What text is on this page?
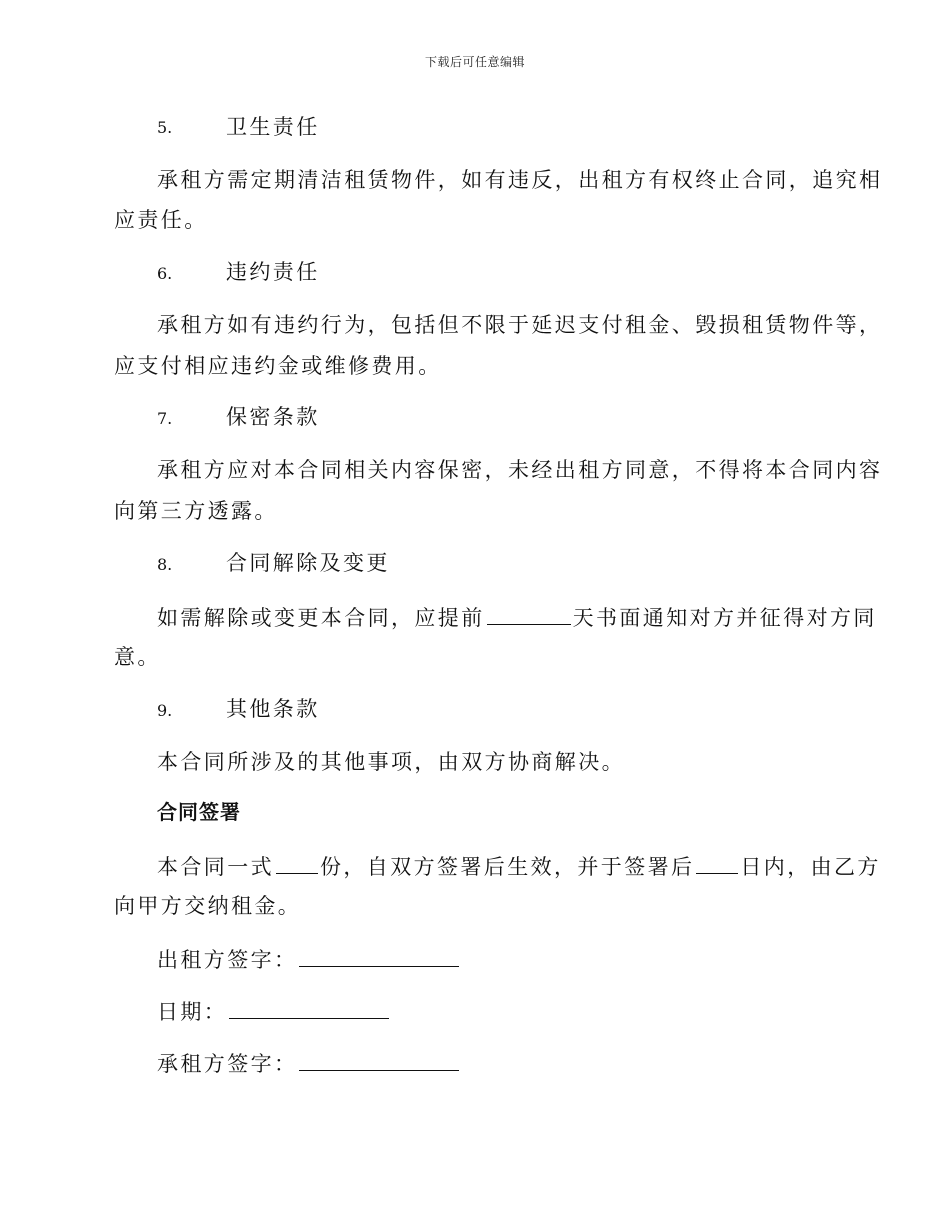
下载后可任意编辑
5.	卫生责任
承租方需定期清洁租赁物件，如有违反，出租方有权终止合同，追究相
应责任。
6.	违约责任
承租方如有违约行为，包括但不限于延迟支付租金、毁损租赁物件等，
应支付相应违约金或维修费用。
7.	保密条款
承租方应对本合同相关内容保密，未经出租方同意，不得将本合同内容
向第三方透露。
8.	合同解除及变更
如需解除或变更本合同，应提前	天书面通知对方并征得对方同
意。
9.	其他条款
本合同所涉及的其他事项，由双方协商解决。
合同签署
本合同一式 份，自双方签署后生效，并于签署后 日内，由乙方
向甲方交纳租金。
出租方签字：
日期：
承租方签字：
